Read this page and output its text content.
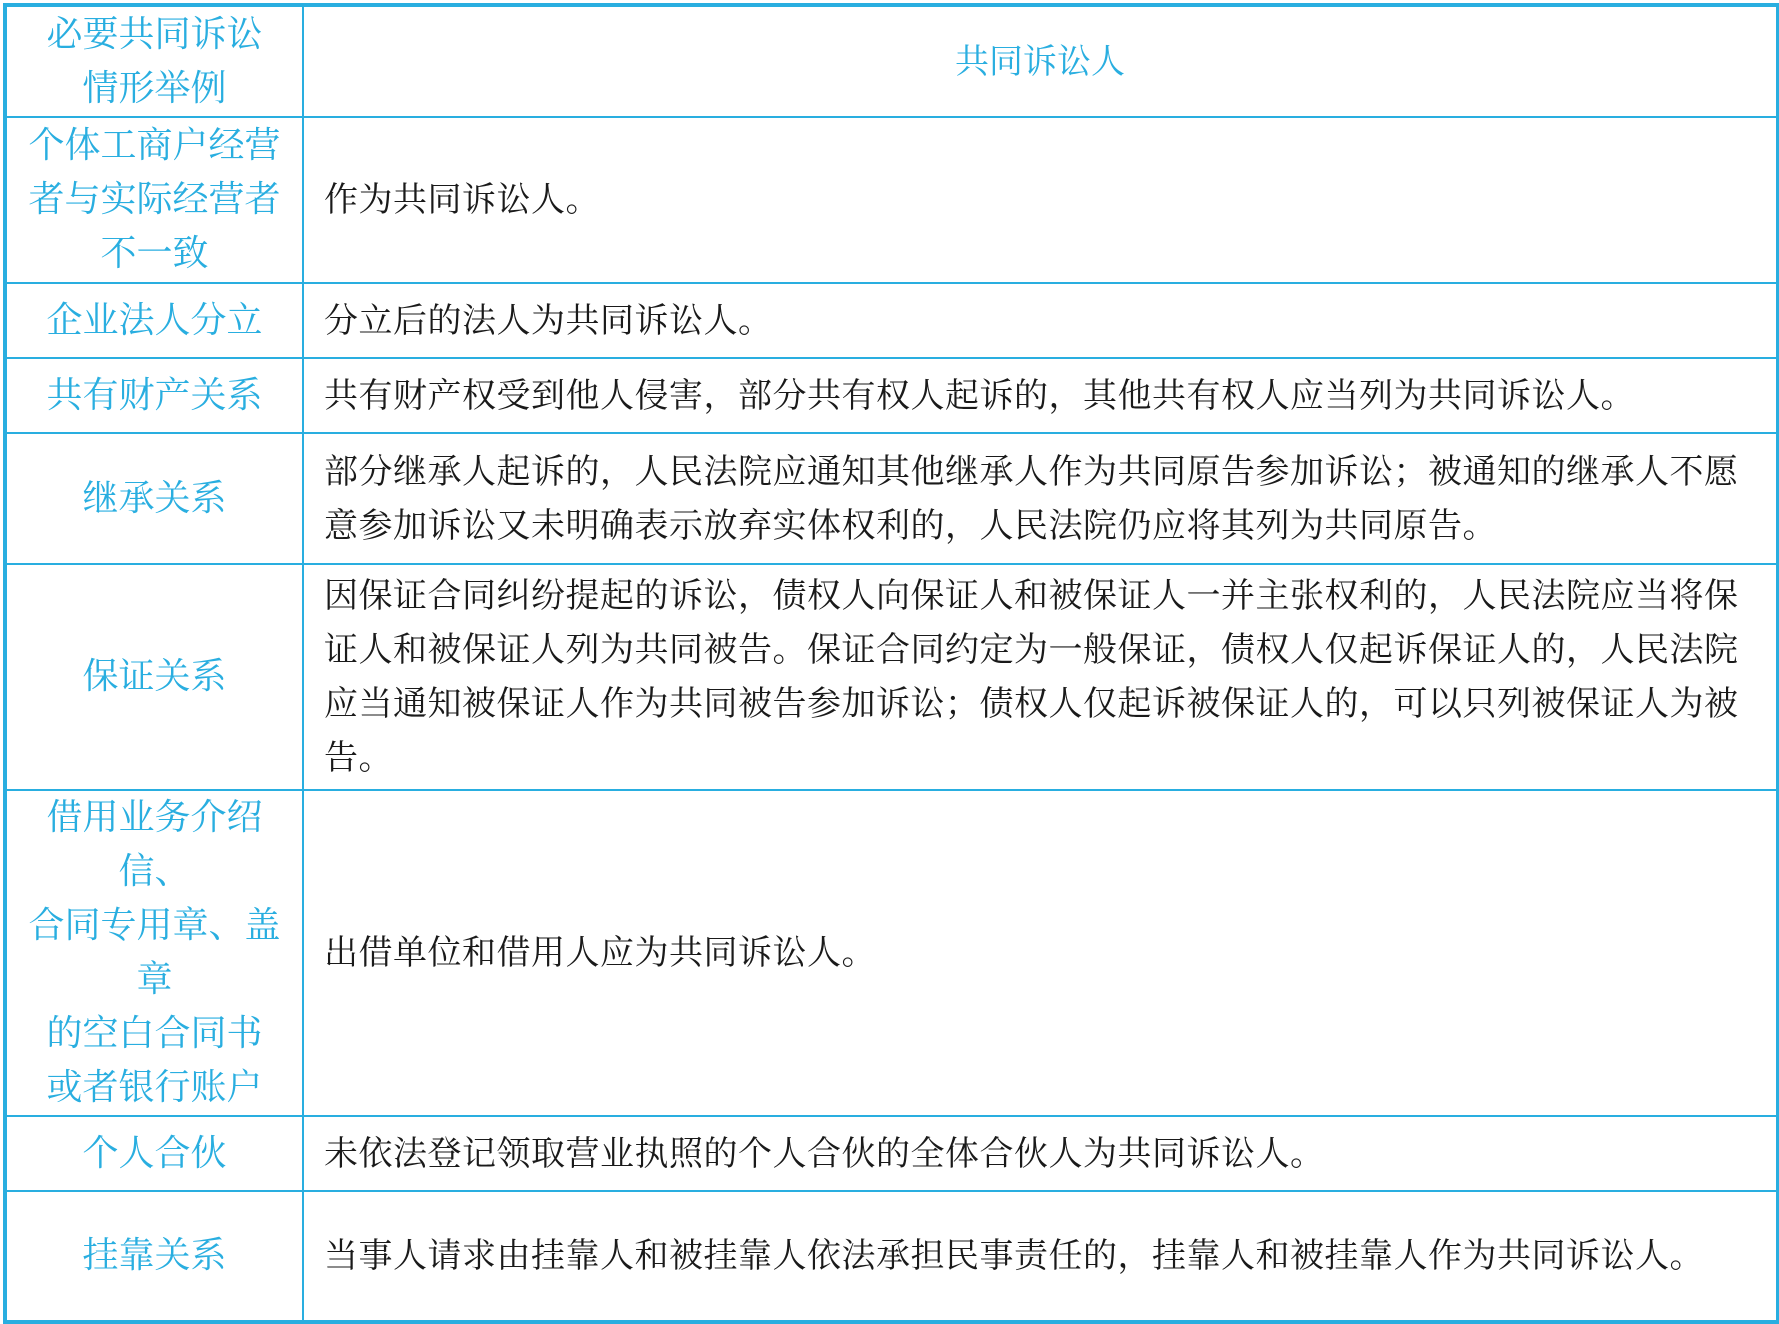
必要共同诉讼
情形举例	共同诉讼人

个体工商户经营
者与实际经营者
不一致	作为共同诉讼人。

企业法人分立	分立后的法人为共同诉讼人。

共有财产关系	共有财产权受到他人侵害，部分共有权人起诉的，其他共有权人应当列为共同诉讼人。

继承关系	部分继承人起诉的，人民法院应通知其他继承人作为共同原告参加诉讼；被通知的继承人不愿意参加诉讼又未明确表示放弃实体权利的，人民法院仍应将其列为共同原告。

保证关系	因保证合同纠纷提起的诉讼，债权人向保证人和被保证人一并主张权利的，人民法院应当将保证人和被保证人列为共同被告。保证合同约定为一般保证，债权人仅起诉保证人的，人民法院应当通知被保证人作为共同被告参加诉讼；债权人仅起诉被保证人的，可以只列被保证人为被告。

借用业务介绍信、
合同专用章、盖章
的空白合同书
或者银行账户	出借单位和借用人应为共同诉讼人。

个人合伙	未依法登记领取营业执照的个人合伙的全体合伙人为共同诉讼人。

挂靠关系	当事人请求由挂靠人和被挂靠人依法承担民事责任的，挂靠人和被挂靠人作为共同诉讼人。
